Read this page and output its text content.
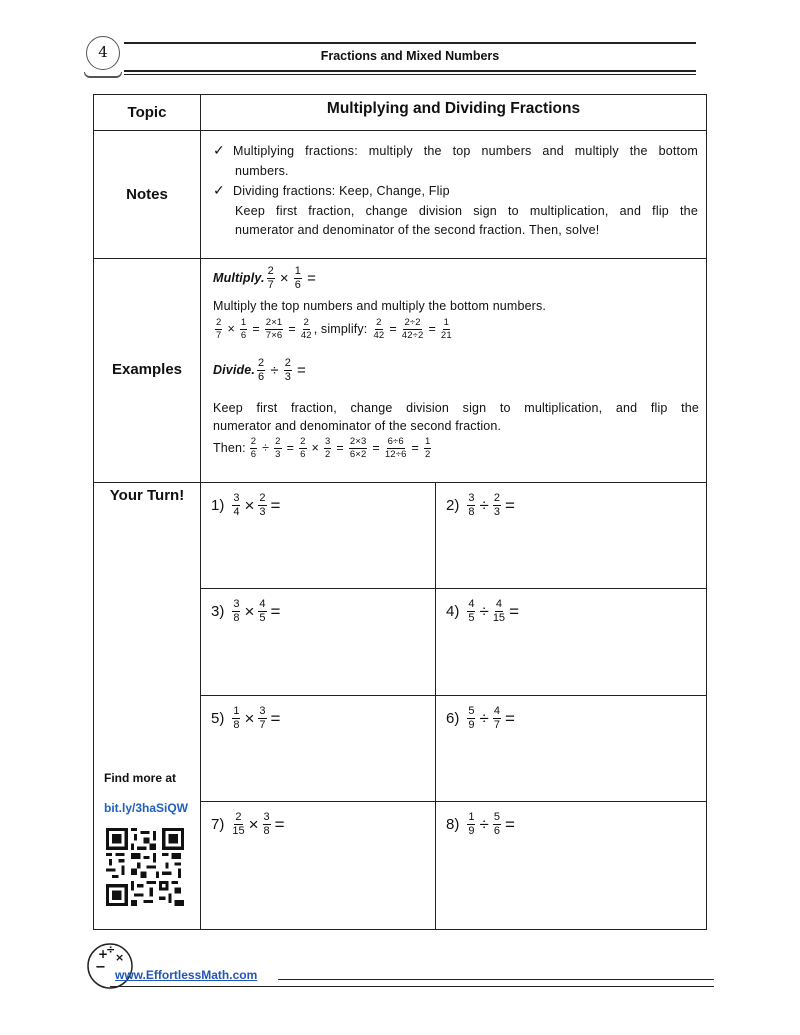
4	Fractions and Mixed Numbers
Topic	Multiplying and Dividing Fractions
Notes
✓ Multiplying fractions: multiply the top numbers and multiply the bottom
numbers.
✓ Dividing fractions: Keep, Change, Flip
Keep first fraction, change division sign to multiplication, and flip the
numerator and denominator of the second fraction. Then, solve!
Examples
Multiply. $\frac{2}{7} \times \frac{1}{6}$ =
Multiply the top numbers and multiply the bottom numbers.
$\frac{2}{7} \times \frac{1}{6} = \frac{2\times 1}{7\times 6} = \frac{2}{42}$ , simplify: $\frac{2}{42} = \frac{2\div 2}{42\div 2} = \frac{1}{21}$
Divide. $\frac{2}{6} \div \frac{2}{3}$ =
Keep first fraction, change division sign to multiplication, and flip the
numerator and denominator of the second fraction.
Then: $\frac{2}{6} \div \frac{2}{3} = \frac{2}{6} \times \frac{3}{2} = \frac{2\times 3}{6\times 2} = \frac{6\div 6}{12\div 6} = \frac{1}{2}$
Your Turn!
Find more at
bit.ly/3haSiQW
$1) \frac{3}{4} \times \frac{2}{3}$ =	$2) \frac{3}{8} \div \frac{2}{3}$ =
$3) \frac{3}{8} \times \frac{4}{5}$ =	$4) \frac{4}{5} \div \frac{4}{15}$ =
$5) \frac{1}{8} \times \frac{3}{7}$ =	$6) \frac{5}{9} \div \frac{4}{7}$ =
$7) \frac{2}{15} \times \frac{3}{8}$ =	$8) \frac{1}{9} \div \frac{5}{6}$ =
+
÷
×
− www.EffortlessMath.com
